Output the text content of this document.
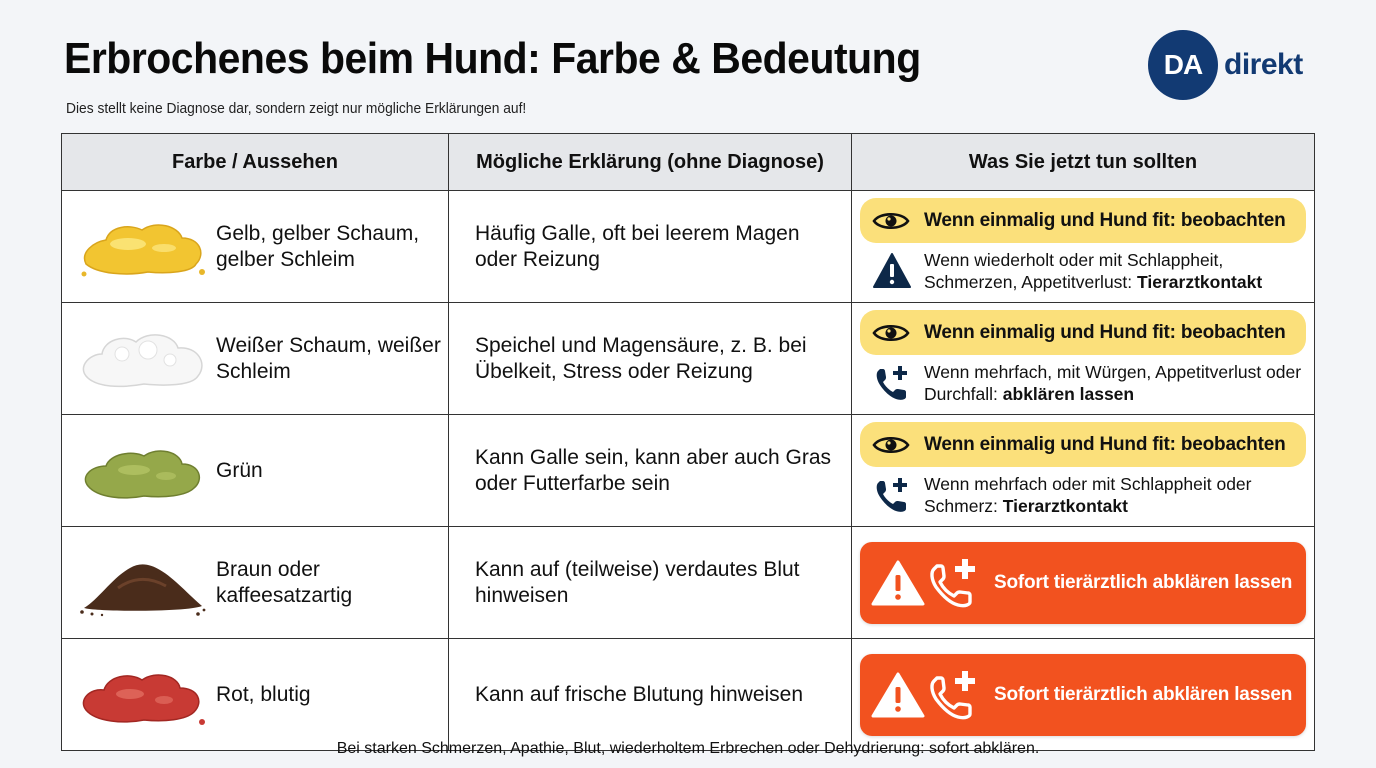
Erbrochenes beim Hund: Farbe & Bedeutung
Dies stellt keine Diagnose dar, sondern zeigt nur mögliche Erklärungen auf!
DA direkt
Farbe / Aussehen	Mögliche Erklärung (ohne Diagnose)	Was Sie jetzt tun sollten

Gelb, gelber Schaum, gelber Schleim	Häufig Galle, oft bei leerem Magen oder Reizung	Wenn einmalig und Hund fit: beobachten
Wenn wiederholt oder mit Schlappheit, Schmerzen, Appetitverlust: Tierarztkontakt

Weißer Schaum, weißer Schleim	Speichel und Magensäure, z. B. bei Übelkeit, Stress oder Reizung	Wenn einmalig und Hund fit: beobachten
Wenn mehrfach, mit Würgen, Appetitverlust oder Durchfall: abklären lassen

Grün	Kann Galle sein, kann aber auch Gras oder Futterfarbe sein	Wenn einmalig und Hund fit: beobachten
Wenn mehrfach oder mit Schlappheit oder Schmerz: Tierarztkontakt

Braun oder kaffeesatzartig	Kann auf (teilweise) verdautes Blut hinweisen	Sofort tierärztlich abklären lassen

Rot, blutig	Kann auf frische Blutung hinweisen	Sofort tierärztlich abklären lassen
Bei starken Schmerzen, Apathie, Blut, wiederholtem Erbrechen oder Dehydrierung: sofort abklären.
